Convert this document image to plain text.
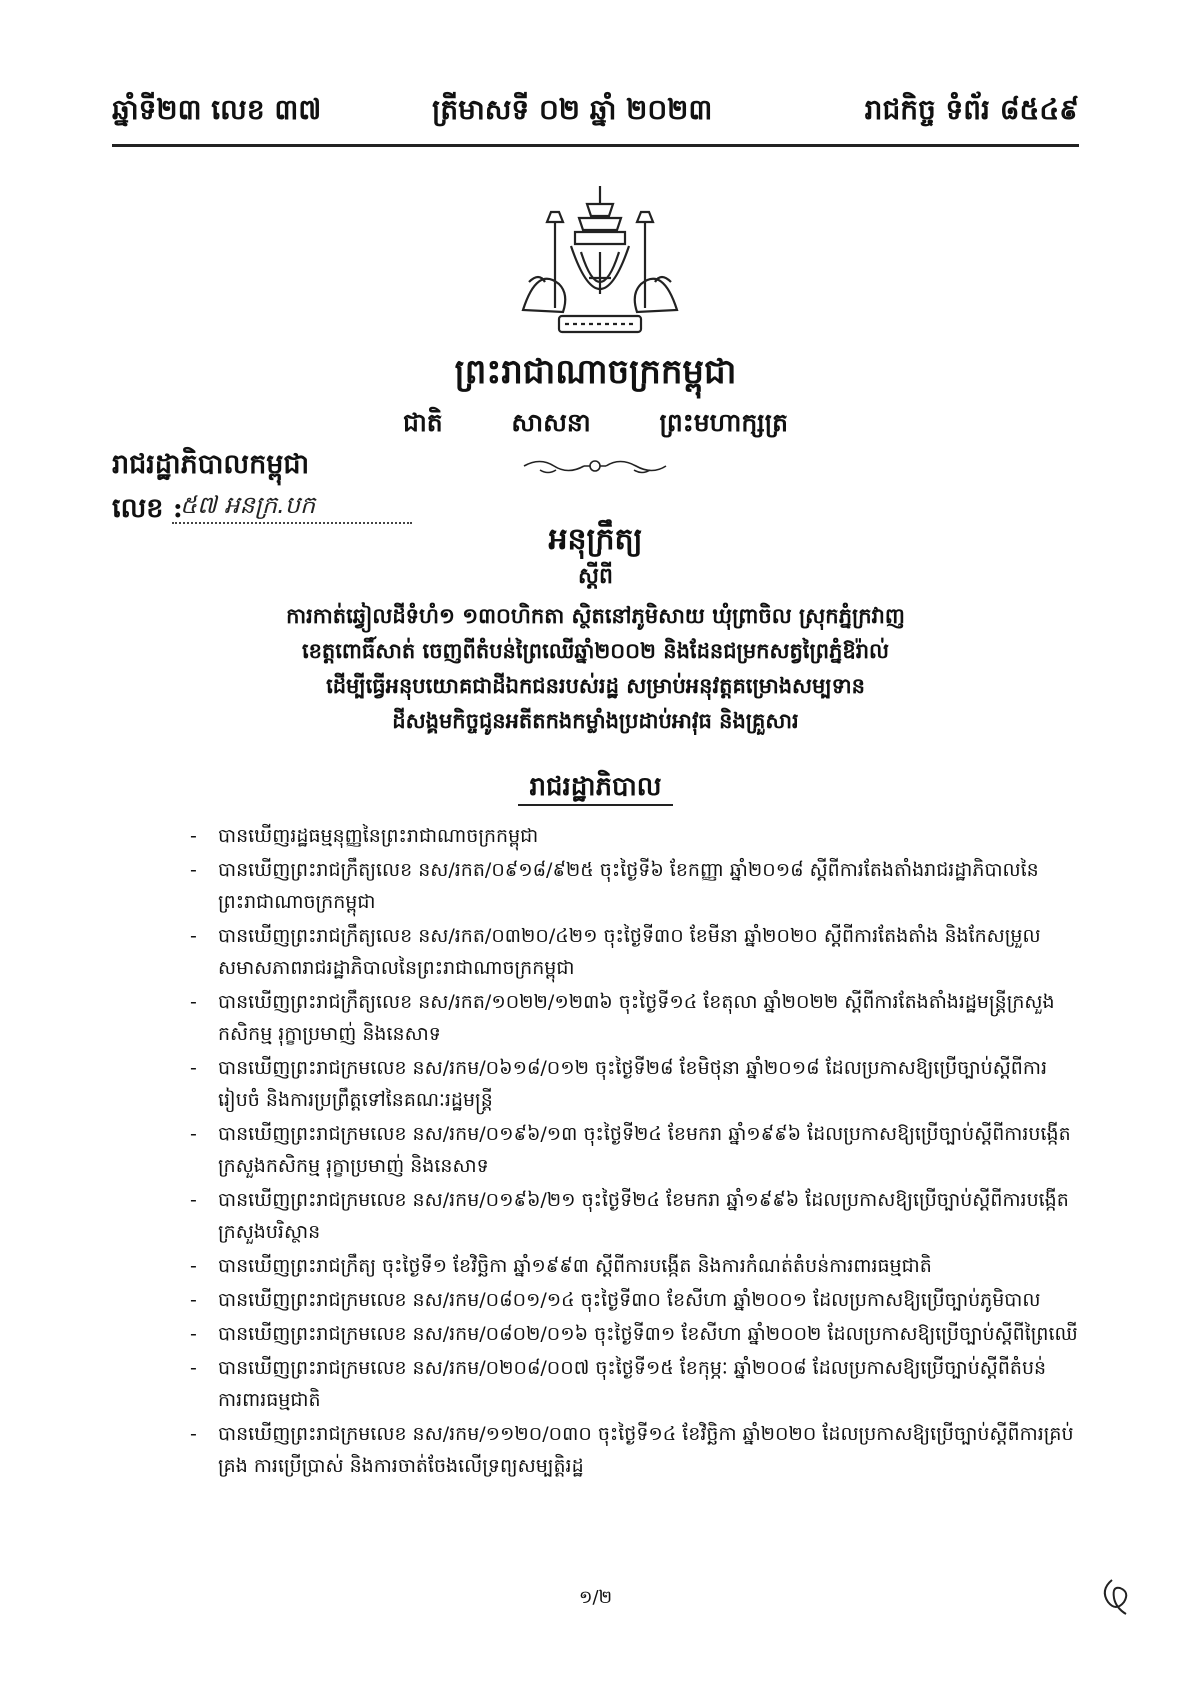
ឆ្នាំទី២៣ លេខ ៣៧	ត្រីមាសទី ០២ ឆ្នាំ ២០២៣	រាជកិច្ច ទំព័រ ៨៥៤៩
ព្រះរាជាណាចក្រកម្ពុជា
ជាតិ	សាសនា	ព្រះមហាក្សត្រ
រាជរដ្ឋាភិបាលកម្ពុជា
លេខ :
៥៧ អនក្រ.បក
អនុក្រឹត្យ
ស្តីពី
ការកាត់ឆ្វៀលដីទំហំ១ ១៣០ហិកតា ស្ថិតនៅភូមិសាយ ឃុំព្រាចិល ស្រុកភ្នំក្រវាញ
ខេត្តពោធិ៍សាត់ ចេញពីតំបន់ព្រៃឈើឆ្នាំ២០០២ និងដែនជម្រកសត្វព្រៃភ្នំឱរ៉ាល់
ដើម្បីធ្វើអនុបយោគជាដីឯកជនរបស់រដ្ឋ សម្រាប់អនុវត្តគម្រោងសម្បទាន
ដីសង្គមកិច្ចជូនអតីតកងកម្លាំងប្រដាប់អាវុធ និងគ្រួសារ
រាជរដ្ឋាភិបាល
- បានឃើញរដ្ឋធម្មនុញ្ញនៃព្រះរាជាណាចក្រកម្ពុជា
- បានឃើញព្រះរាជក្រឹត្យលេខ នស/រកត/០៩១៨/៩២៥ ចុះថ្ងៃទី៦ ខែកញ្ញា ឆ្នាំ២០១៨ ស្តីពីការតែងតាំងរាជរដ្ឋាភិបាលនៃព្រះរាជាណាចក្រកម្ពុជា
- បានឃើញព្រះរាជក្រឹត្យលេខ នស/រកត/០៣២០/៤២១ ចុះថ្ងៃទី៣០ ខែមីនា ឆ្នាំ២០២០ ស្តីពីការតែងតាំង និងកែសម្រួលសមាសភាពរាជរដ្ឋាភិបាលនៃព្រះរាជាណាចក្រកម្ពុជា
- បានឃើញព្រះរាជក្រឹត្យលេខ នស/រកត/១០២២/១២៣៦ ចុះថ្ងៃទី១៤ ខែតុលា ឆ្នាំ២០២២ ស្តីពីការតែងតាំងរដ្ឋមន្ត្រីក្រសួងកសិកម្ម រុក្ខាប្រមាញ់ និងនេសាទ
- បានឃើញព្រះរាជក្រមលេខ នស/រកម/០៦១៨/០១២ ចុះថ្ងៃទី២៨ ខែមិថុនា ឆ្នាំ២០១៨ ដែលប្រកាសឱ្យប្រើច្បាប់ស្តីពីការរៀបចំ និងការប្រព្រឹត្តទៅនៃគណៈរដ្ឋមន្ត្រី
- បានឃើញព្រះរាជក្រមលេខ នស/រកម/០១៩៦/១៣ ចុះថ្ងៃទី២៤ ខែមករា ឆ្នាំ១៩៩៦ ដែលប្រកាសឱ្យប្រើច្បាប់ស្តីពីការបង្កើតក្រសួងកសិកម្ម រុក្ខាប្រមាញ់ និងនេសាទ
- បានឃើញព្រះរាជក្រមលេខ នស/រកម/០១៩៦/២១ ចុះថ្ងៃទី២៤ ខែមករា ឆ្នាំ១៩៩៦ ដែលប្រកាសឱ្យប្រើច្បាប់ស្តីពីការបង្កើតក្រសួងបរិស្ថាន
- បានឃើញព្រះរាជក្រឹត្យ ចុះថ្ងៃទី១ ខែវិច្ឆិកា ឆ្នាំ១៩៩៣ ស្តីពីការបង្កើត និងការកំណត់តំបន់ការពារធម្មជាតិ
- បានឃើញព្រះរាជក្រមលេខ នស/រកម/០៨០១/១៤ ចុះថ្ងៃទី៣០ ខែសីហា ឆ្នាំ២០០១ ដែលប្រកាសឱ្យប្រើច្បាប់ភូមិបាល
- បានឃើញព្រះរាជក្រមលេខ នស/រកម/០៨០២/០១៦ ចុះថ្ងៃទី៣១ ខែសីហា ឆ្នាំ២០០២ ដែលប្រកាសឱ្យប្រើច្បាប់ស្តីពីព្រៃឈើ
- បានឃើញព្រះរាជក្រមលេខ នស/រកម/០២០៨/០០៧ ចុះថ្ងៃទី១៥ ខែកុម្ភៈ ឆ្នាំ២០០៨ ដែលប្រកាសឱ្យប្រើច្បាប់ស្តីពីតំបន់ការពារធម្មជាតិ
- បានឃើញព្រះរាជក្រមលេខ នស/រកម/១១២០/០៣០ ចុះថ្ងៃទី១៤ ខែវិច្ឆិកា ឆ្នាំ២០២០ ដែលប្រកាសឱ្យប្រើច្បាប់ស្តីពីការគ្រប់គ្រង ការប្រើប្រាស់ និងការចាត់ចែងលើទ្រព្យសម្បត្តិរដ្ឋ
១/២
